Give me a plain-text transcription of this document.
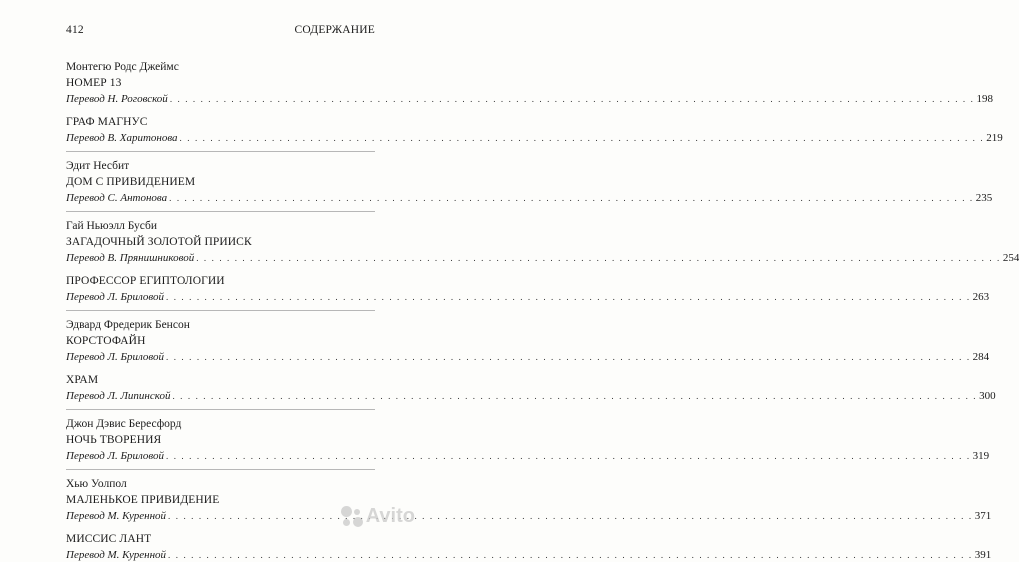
412	СОДЕРЖАНИЕ
Монтегю Родс Джеймс
НОМЕР 13
Перевод Н. Роговской . . .	198
ГРАФ МАГНУС
Перевод В. Харитонова . . .	219
Эдит Несбит
ДОМ С ПРИВИДЕНИЕМ
Перевод С. Антонова . . .	235
Гай Ньюэлл Бусби
ЗАГАДОЧНЫЙ ЗОЛОТОЙ ПРИИСК
Перевод В. Прянишниковой . . .	254
ПРОФЕССОР ЕГИПТОЛОГИИ
Перевод Л. Бриловой . . .	263
Эдвард Фредерик Бенсон
КОРСТОФАЙН
Перевод Л. Бриловой . . .	284
ХРАМ
Перевод Л. Липинской . . .	300
Джон Дэвис Бересфорд
НОЧЬ ТВОРЕНИЯ
Перевод Л. Бриловой . . .	319
Хью Уолпол
МАЛЕНЬКОЕ ПРИВИДЕНИЕ
Перевод М. Куренной . . .	371
МИССИС ЛАНТ
Перевод М. Куренной . . .	391
Avito
